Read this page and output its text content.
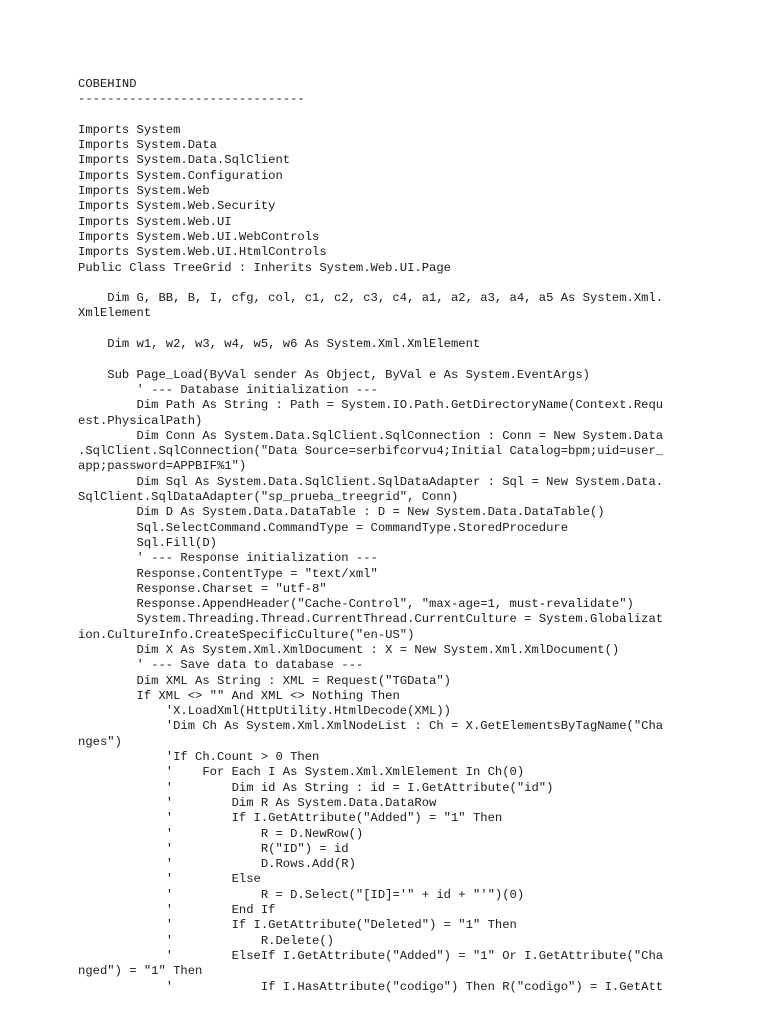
COBEHIND
-------------------------------
Imports System
Imports System.Data
Imports System.Data.SqlClient
Imports System.Configuration
Imports System.Web
Imports System.Web.Security
Imports System.Web.UI
Imports System.Web.UI.WebControls
Imports System.Web.UI.HtmlControls
Public Class TreeGrid : Inherits System.Web.UI.Page
Dim G, BB, B, I, cfg, col, c1, c2, c3, c4, a1, a2, a3, a4, a5 As System.Xml.
XmlElement
Dim w1, w2, w3, w4, w5, w6 As System.Xml.XmlElement
Sub Page_Load(ByVal sender As Object, ByVal e As System.EventArgs)
' --- Database initialization ---
Dim Path As String : Path = System.IO.Path.GetDirectoryName(Context.Requ
est.PhysicalPath)
Dim Conn As System.Data.SqlClient.SqlConnection : Conn = New System.Data
.SqlClient.SqlConnection("Data Source=serbifcorvu4;Initial Catalog=bpm;uid=user_
app;password=APPBIF%1")
Dim Sql As System.Data.SqlClient.SqlDataAdapter : Sql = New System.Data.
SqlClient.SqlDataAdapter("sp_prueba_treegrid", Conn)
Dim D As System.Data.DataTable : D = New System.Data.DataTable()
Sql.SelectCommand.CommandType = CommandType.StoredProcedure
Sql.Fill(D)
' --- Response initialization ---
Response.ContentType = "text/xml"
Response.Charset = "utf-8"
Response.AppendHeader("Cache-Control", "max-age=1, must-revalidate")
System.Threading.Thread.CurrentThread.CurrentCulture = System.Globalizat
ion.CultureInfo.CreateSpecificCulture("en-US")
Dim X As System.Xml.XmlDocument : X = New System.Xml.XmlDocument()
' --- Save data to database ---
Dim XML As String : XML = Request("TGData")
If XML <> "" And XML <> Nothing Then
'X.LoadXml(HttpUtility.HtmlDecode(XML))
'Dim Ch As System.Xml.XmlNodeList : Ch = X.GetElementsByTagName("Cha
nges")
'If Ch.Count > 0 Then
'    For Each I As System.Xml.XmlElement In Ch(0)
'        Dim id As String : id = I.GetAttribute("id")
'        Dim R As System.Data.DataRow
'        If I.GetAttribute("Added") = "1" Then
'            R = D.NewRow()
'            R("ID") = id
'            D.Rows.Add(R)
'        Else
'            R = D.Select("[ID]='" + id + "'")(0)
'        End If
'        If I.GetAttribute("Deleted") = "1" Then
'            R.Delete()
'        ElseIf I.GetAttribute("Added") = "1" Or I.GetAttribute("Cha
nged") = "1" Then
'            If I.HasAttribute("codigo") Then R("codigo") = I.GetAtt
